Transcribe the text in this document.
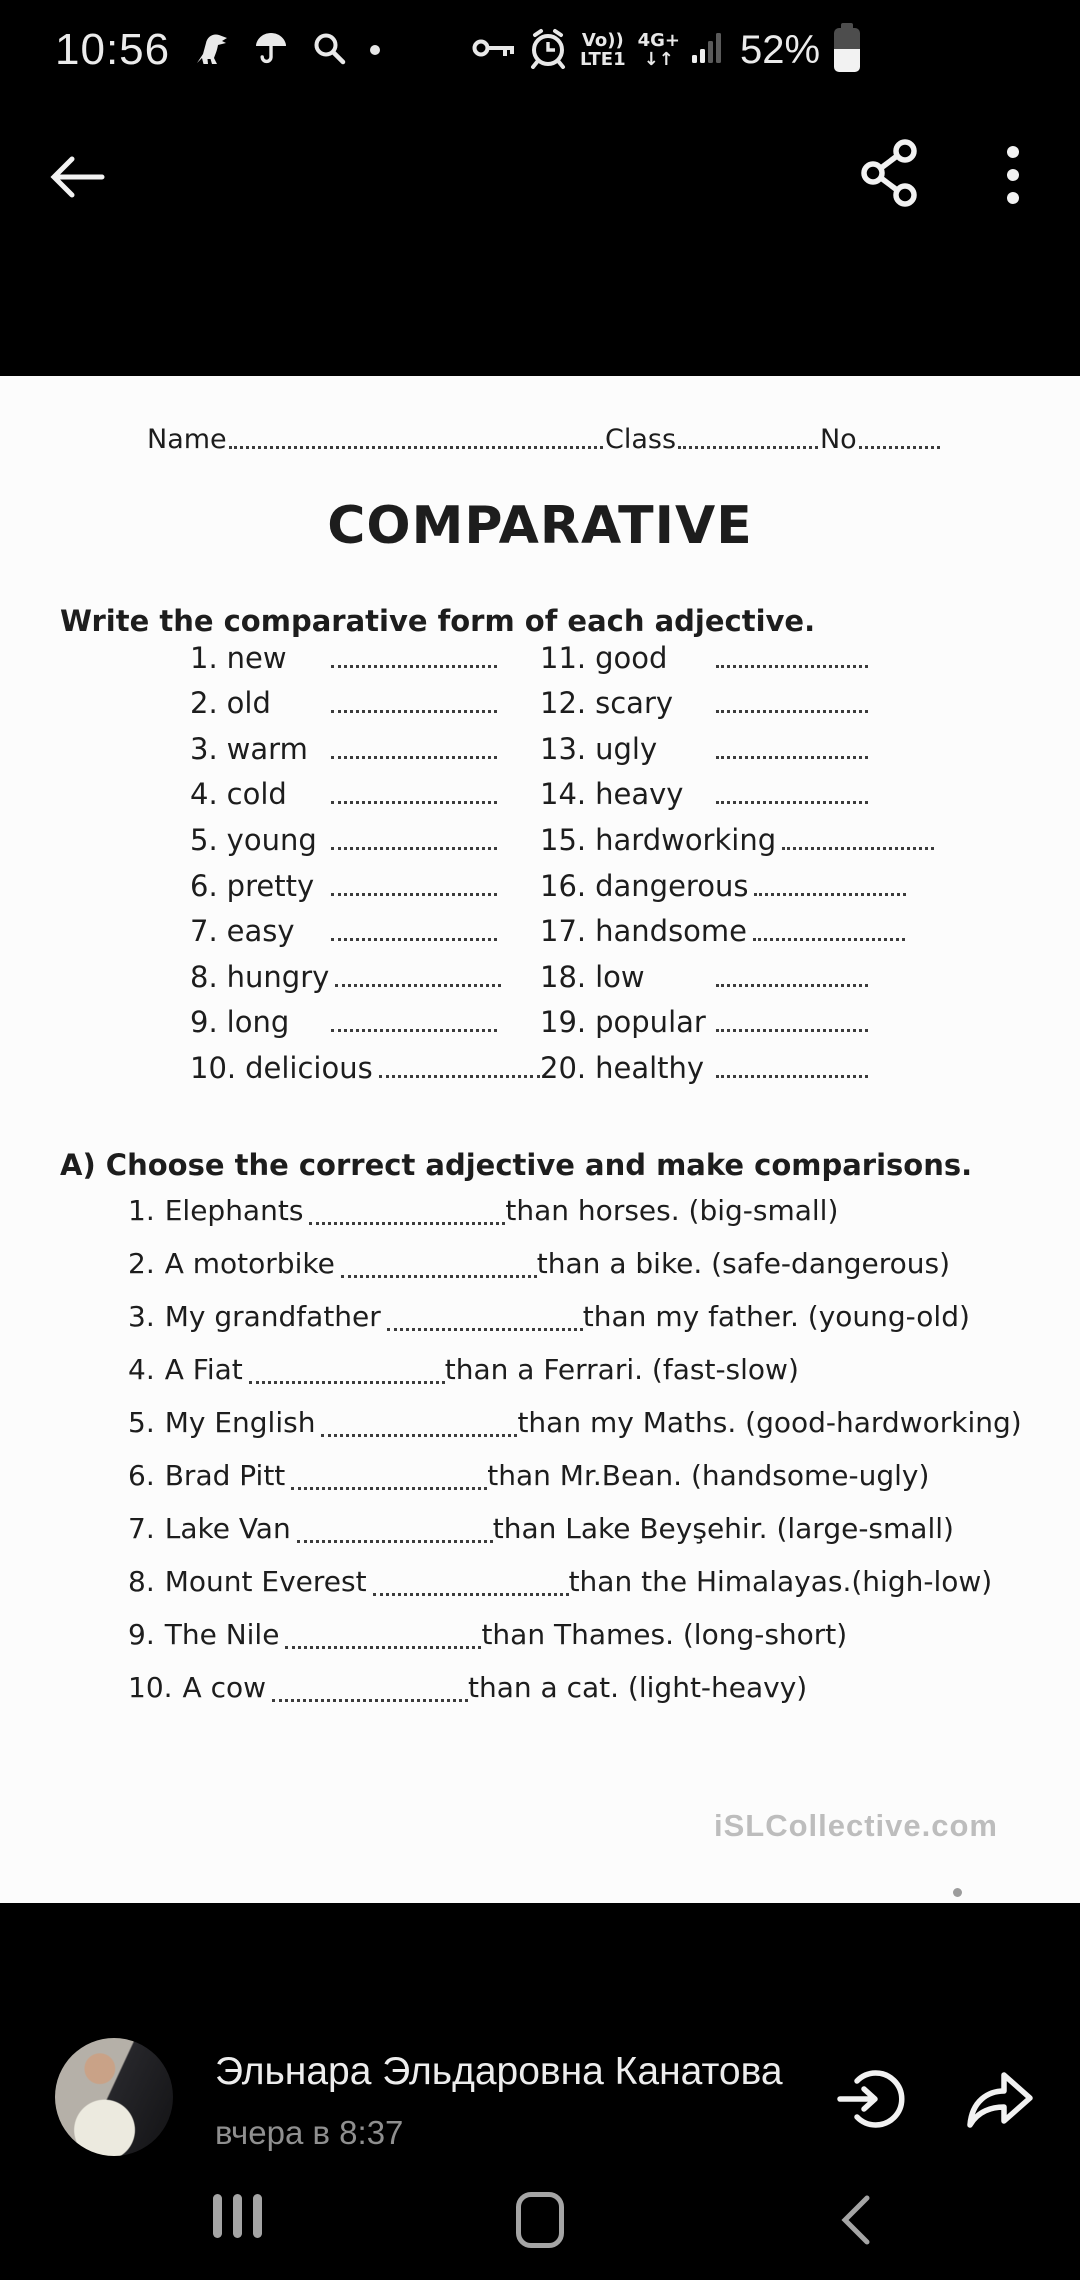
10:56	Vo))
LTE1
4G+
↓↑ 52%
Name	Class	No
COMPARATIVE
Write the comparative form of each adjective.
1. new	11. good
2. old	12. scary
3. warm	13. ugly
4. cold	14. heavy
5. young	15. hardworking
6. pretty	16. dangerous
7. easy	17. handsome
8. hungry	18. low
9. long	19. popular
10. delicious	20. healthy
A) Choose the correct adjective and make comparisons.
1. Elephants	than horses. (big-small)
2. A motorbike	than a bike. (safe-dangerous)
3. My grandfather	than my father. (young-old)
4. A Fiat	than a Ferrari. (fast-slow)
5. My English	than my Maths. (good-hardworking)
6. Brad Pitt	than Mr.Bean. (handsome-ugly)
7. Lake Van	than Lake Beyşehir. (large-small)
8. Mount Everest	than the Himalayas.(high-low)
9. The Nile	than Thames. (long-short)
10. A cow	than a cat. (light-heavy)
iSLCollective.com
Эльнара Эльдаровна Канатова
вчера в 8:37
